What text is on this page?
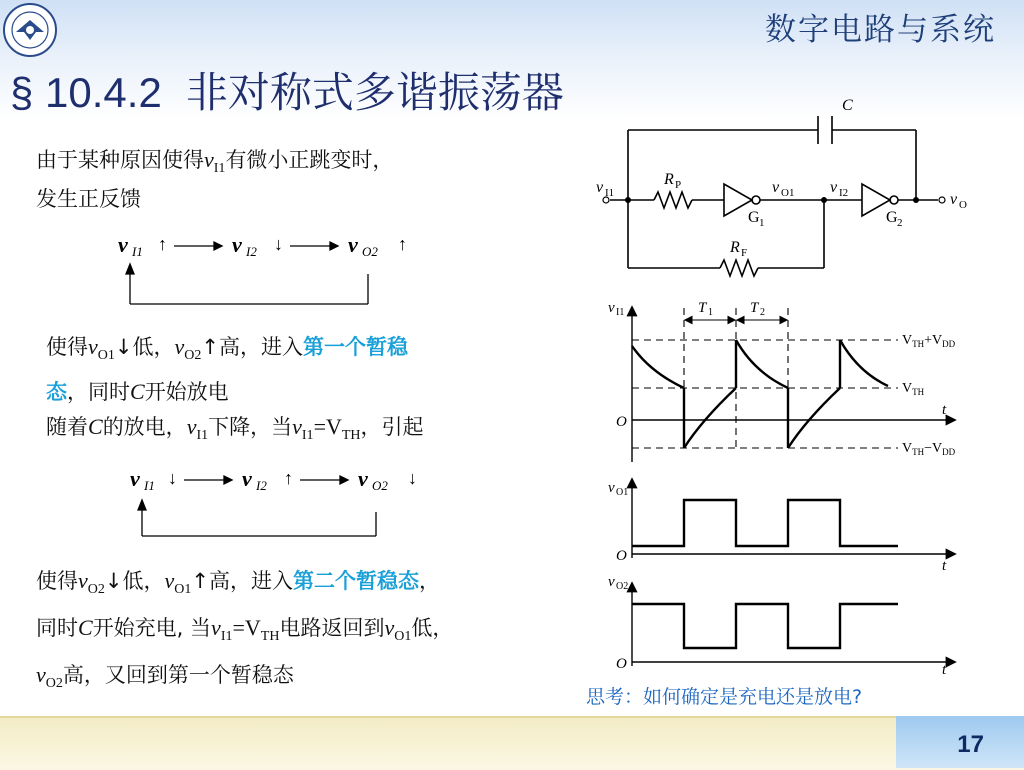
数字电路与系统
§ 10.4.2 非对称式多谐振荡器
由于某种原因使得$v_{I1}$有微小正跳变时，
发生正反馈
v I1	v I2	v O2
↑	↓	↑
使得$v_{O1}↓$低，$v_{O2}↑$高，进入第一个暂稳
态，同时C开始放电
随着C的放电，$v_{I1}$下降，当$v_{I1}=V_{TH}$，引起
v I1	v I2	v O2
↓	↑	↓
使得$v_{O2}↓$低，$v_{O1}↑$高，进入第二个暂稳态，
同时C开始充电, 当$v_{I1}=V_{TH}$电路返回到$v_{O1}$低，
$v_{O2}$高，又回到第一个暂稳态
C
R
R
v	v	v
v
G	G
P
F
I1	O1	I2
O
1	2
v	T	T
O
t
v
O
t
v
O	t
I1	1	2
O1
O2
$V_{TH}+V_{DD}$
$V_{TH}$
$V_{TH}-V_{DD}$
思考：如何确定是充电还是放电?
17
